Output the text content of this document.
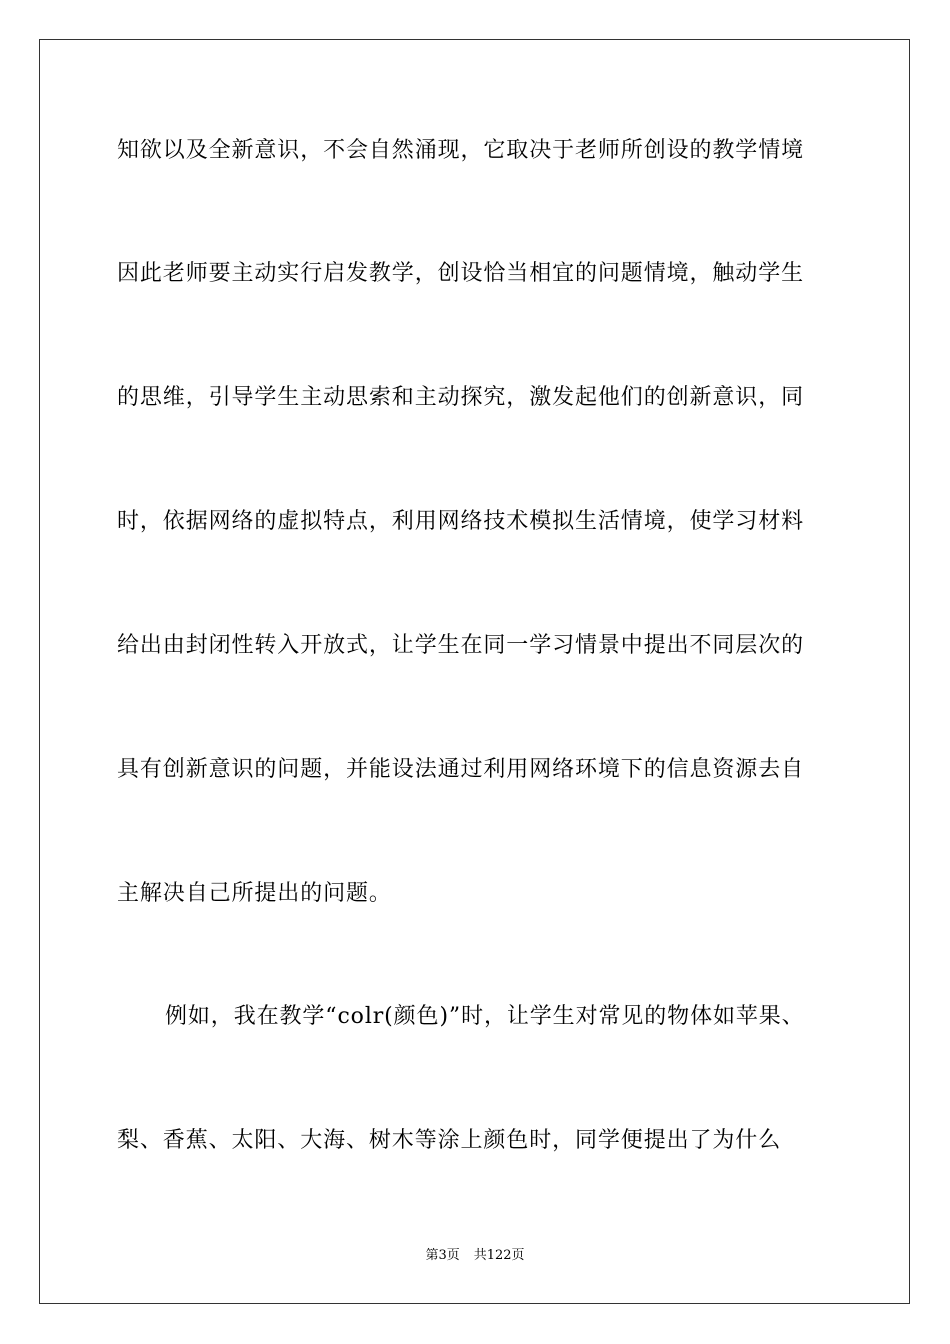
知欲以及全新意识，不会自然涌现，它取决于老师所创设的教学情境
因此老师要主动实行启发教学，创设恰当相宜的问题情境，触动学生
的思维，引导学生主动思索和主动探究，激发起他们的创新意识，同
时，依据网络的虚拟特点，利用网络技术模拟生活情境，使学习材料
给出由封闭性转入开放式，让学生在同一学习情景中提出不同层次的
具有创新意识的问题，并能设法通过利用网络环境下的信息资源去自
主解决自己所提出的问题。
例如，我在教学“colr(颜色)”时，让学生对常见的物体如苹果、
梨、香蕉、太阳、大海、树木等涂上颜色时，同学便提出了为什么
第3页 共122页
